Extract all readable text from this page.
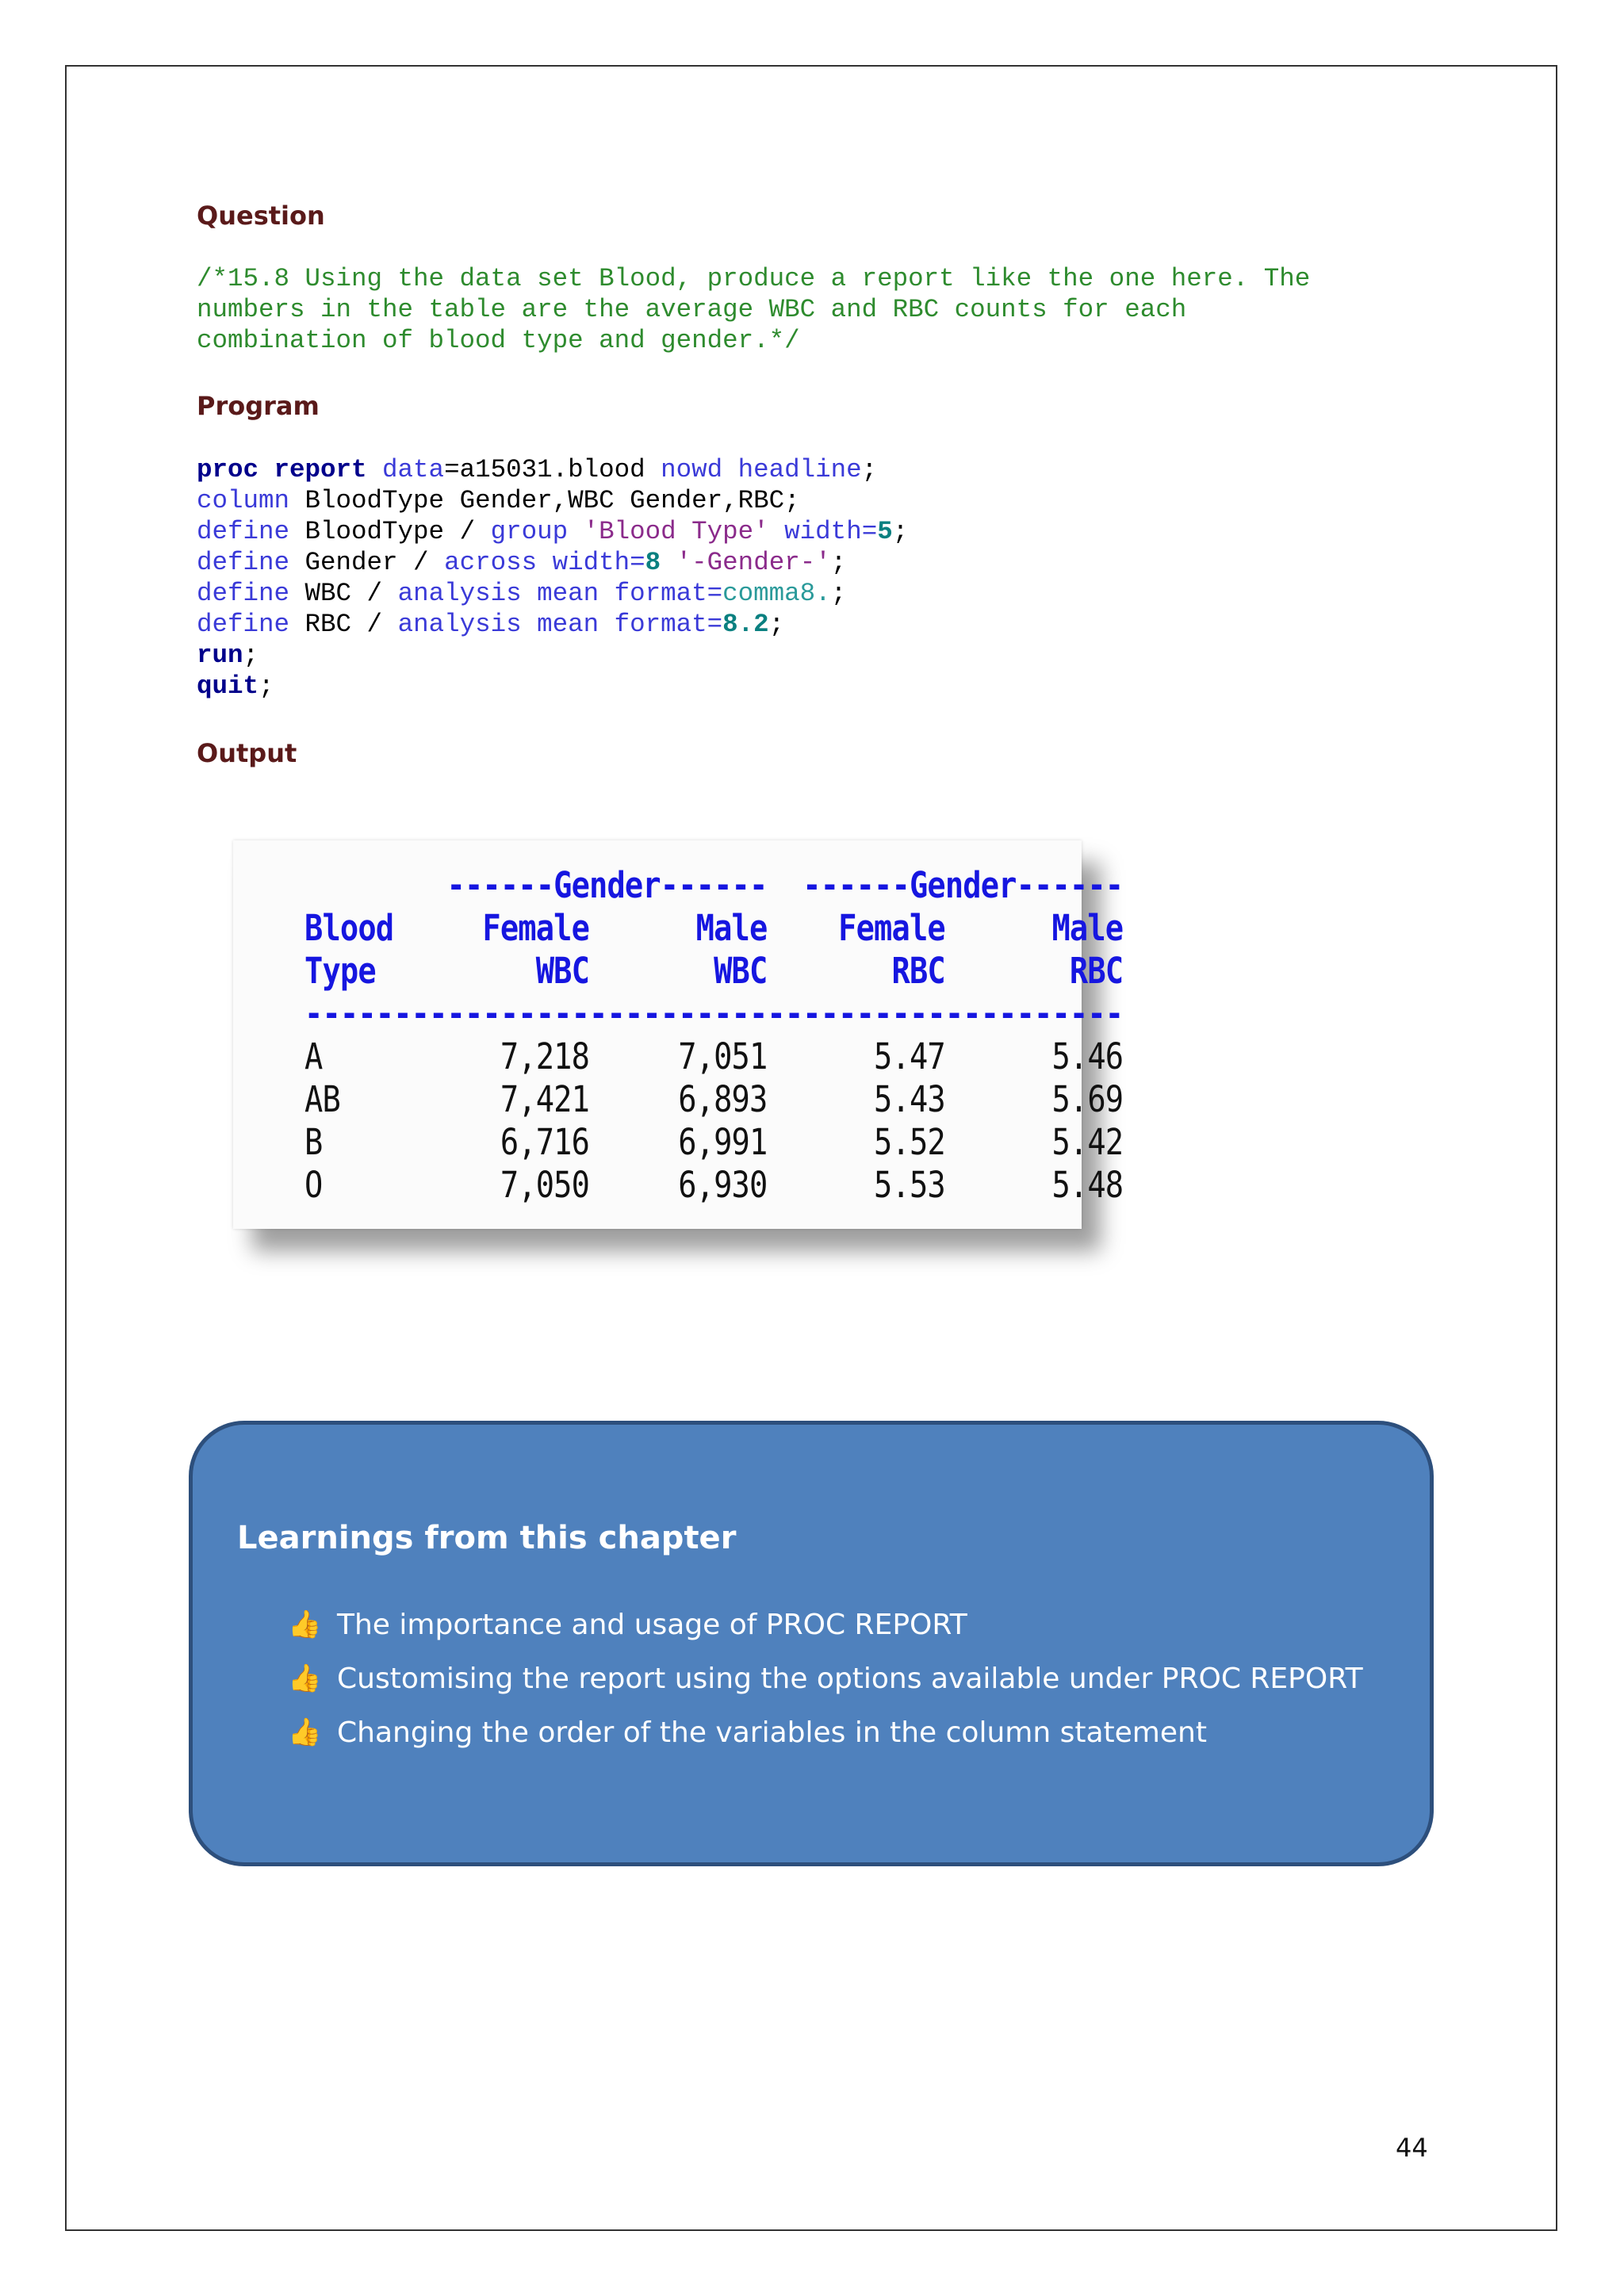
Question
/*15.8 Using the data set Blood, produce a report like the one here. The
numbers in the table are the average WBC and RBC counts for each
combination of blood type and gender.*/
Program
proc report data=a15031.blood nowd headline;
column BloodType Gender,WBC Gender,RBC;
define BloodType / group 'Blood Type' width=5;
define Gender / across width=8 '-Gender-';
define WBC / analysis mean format=comma8.;
define RBC / analysis mean format=8.2;
run;
quit;
Output
------Gender------  ------Gender------
Blood     Female      Male    Female      Male
Type         WBC       WBC       RBC       RBC
----------------------------------------------
A          7,218     7,051      5.47      5.46
AB         7,421     6,893      5.43      5.69
B          6,716     6,991      5.52      5.42
O          7,050     6,930      5.53      5.48
Learnings from this chapter
👍 The importance and usage of PROC REPORT
👍 Customising the report using the options available under PROC REPORT
👍 Changing the order of the variables in the column statement
44
